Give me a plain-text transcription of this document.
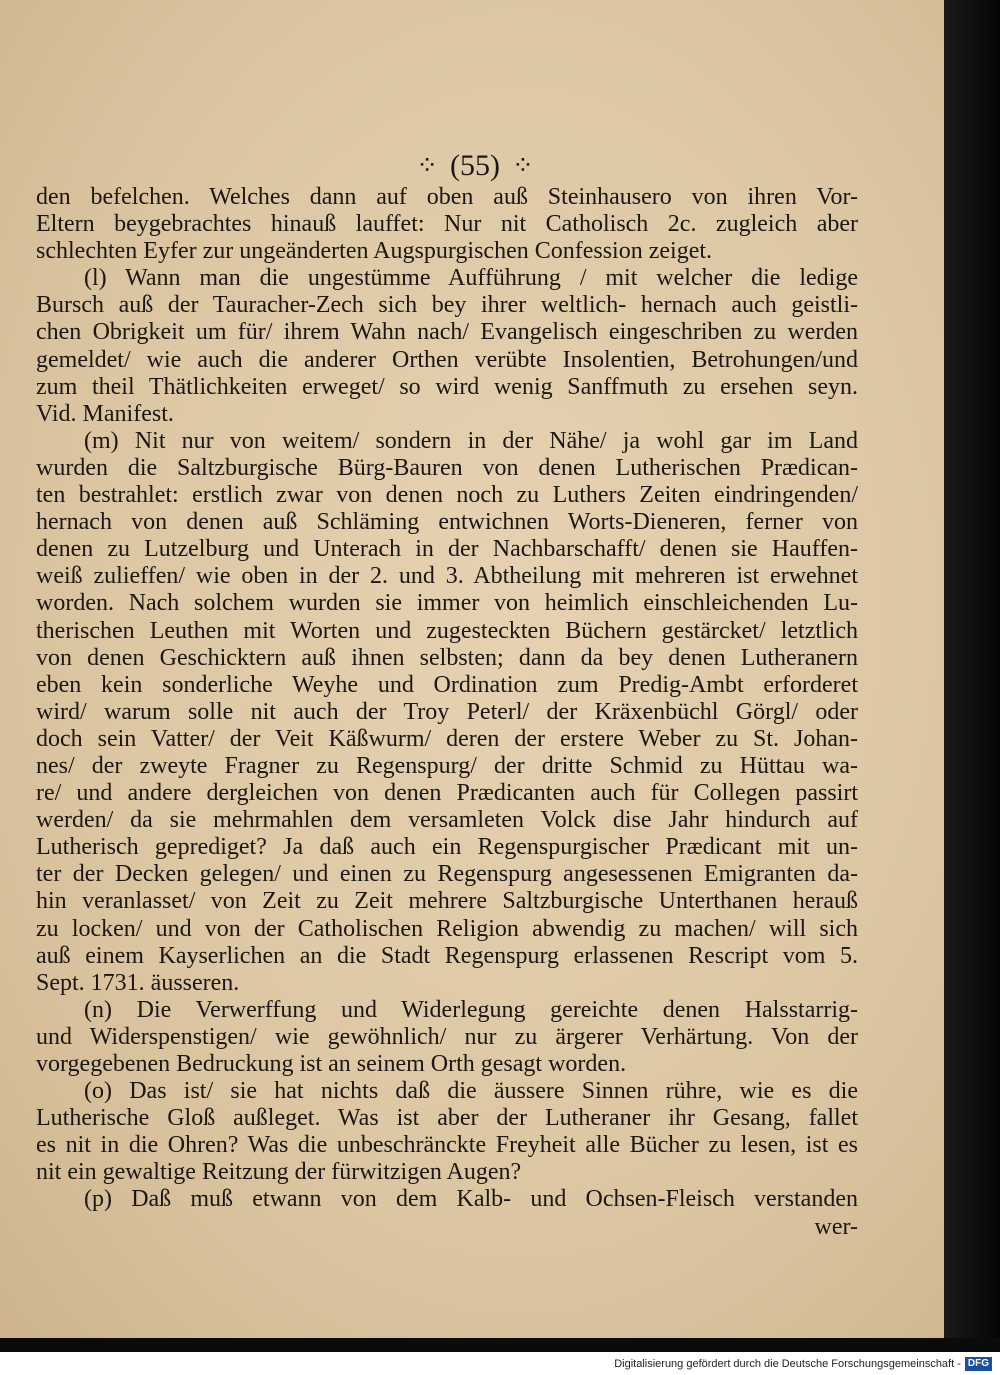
⁘ (55) ⁘
den befelchen. Welches dann auf oben auß Steinhausero von ihren Vor-
Eltern beygebrachtes hinauß lauffet: Nur nit Catholisch 2c. zugleich aber
schlechten Eyfer zur ungeänderten Augspurgischen Confession zeiget.
(l) Wann man die ungestümme Aufführung / mit welcher die ledige
Bursch auß der Tauracher-Zech sich bey ihrer weltlich- hernach auch geistli-
chen Obrigkeit um für/ ihrem Wahn nach/ Evangelisch eingeschriben zu werden
gemeldet/ wie auch die anderer Orthen verübte Insolentien, Betrohungen/und
zum theil Thätlichkeiten erweget/ so wird wenig Sanffmuth zu ersehen seyn.
Vid. Manifest.
(m) Nit nur von weitem/ sondern in der Nähe/ ja wohl gar im Land
wurden die Saltzburgische Bürg-Bauren von denen Lutherischen Prædican-
ten bestrahlet: erstlich zwar von denen noch zu Luthers Zeiten eindringenden/
hernach von denen auß Schläming entwichnen Worts-Dieneren, ferner von
denen zu Lutzelburg und Unterach in der Nachbarschafft/ denen sie Hauffen-
weiß zulieffen/ wie oben in der 2. und 3. Abtheilung mit mehreren ist erwehnet
worden. Nach solchem wurden sie immer von heimlich einschleichenden Lu-
therischen Leuthen mit Worten und zugesteckten Büchern gestärcket/ letztlich
von denen Geschicktern auß ihnen selbsten; dann da bey denen Lutheranern
eben kein sonderliche Weyhe und Ordination zum Predig-Ambt erforderet
wird/ warum solle nit auch der Troy Peterl/ der Kräxenbüchl Görgl/ oder
doch sein Vatter/ der Veit Käßwurm/ deren der erstere Weber zu St. Johan-
nes/ der zweyte Fragner zu Regenspurg/ der dritte Schmid zu Hüttau wa-
re/ und andere dergleichen von denen Prædicanten auch für Collegen passirt
werden/ da sie mehrmahlen dem versamleten Volck dise Jahr hindurch auf
Lutherisch geprediget? Ja daß auch ein Regenspurgischer Prædicant mit un-
ter der Decken gelegen/ und einen zu Regenspurg angesessenen Emigranten da-
hin veranlasset/ von Zeit zu Zeit mehrere Saltzburgische Unterthanen herauß
zu locken/ und von der Catholischen Religion abwendig zu machen/ will sich
auß einem Kayserlichen an die Stadt Regenspurg erlassenen Rescript vom 5.
Sept. 1731. äusseren.
(n) Die Verwerffung und Widerlegung gereichte denen Halsstarrig-
und Widerspenstigen/ wie gewöhnlich/ nur zu ärgerer Verhärtung. Von der
vorgegebenen Bedruckung ist an seinem Orth gesagt worden.
(o) Das ist/ sie hat nichts daß die äussere Sinnen rühre, wie es die
Lutherische Gloß außleget. Was ist aber der Lutheraner ihr Gesang, fallet
es nit in die Ohren? Was die unbeschränckte Freyheit alle Bücher zu lesen, ist es
nit ein gewaltige Reitzung der fürwitzigen Augen?
(p) Daß muß etwann von dem Kalb- und Ochsen-Fleisch verstanden
wer-
Digitalisierung gefördert durch die Deutsche Forschungsgemeinschaft - DFG
